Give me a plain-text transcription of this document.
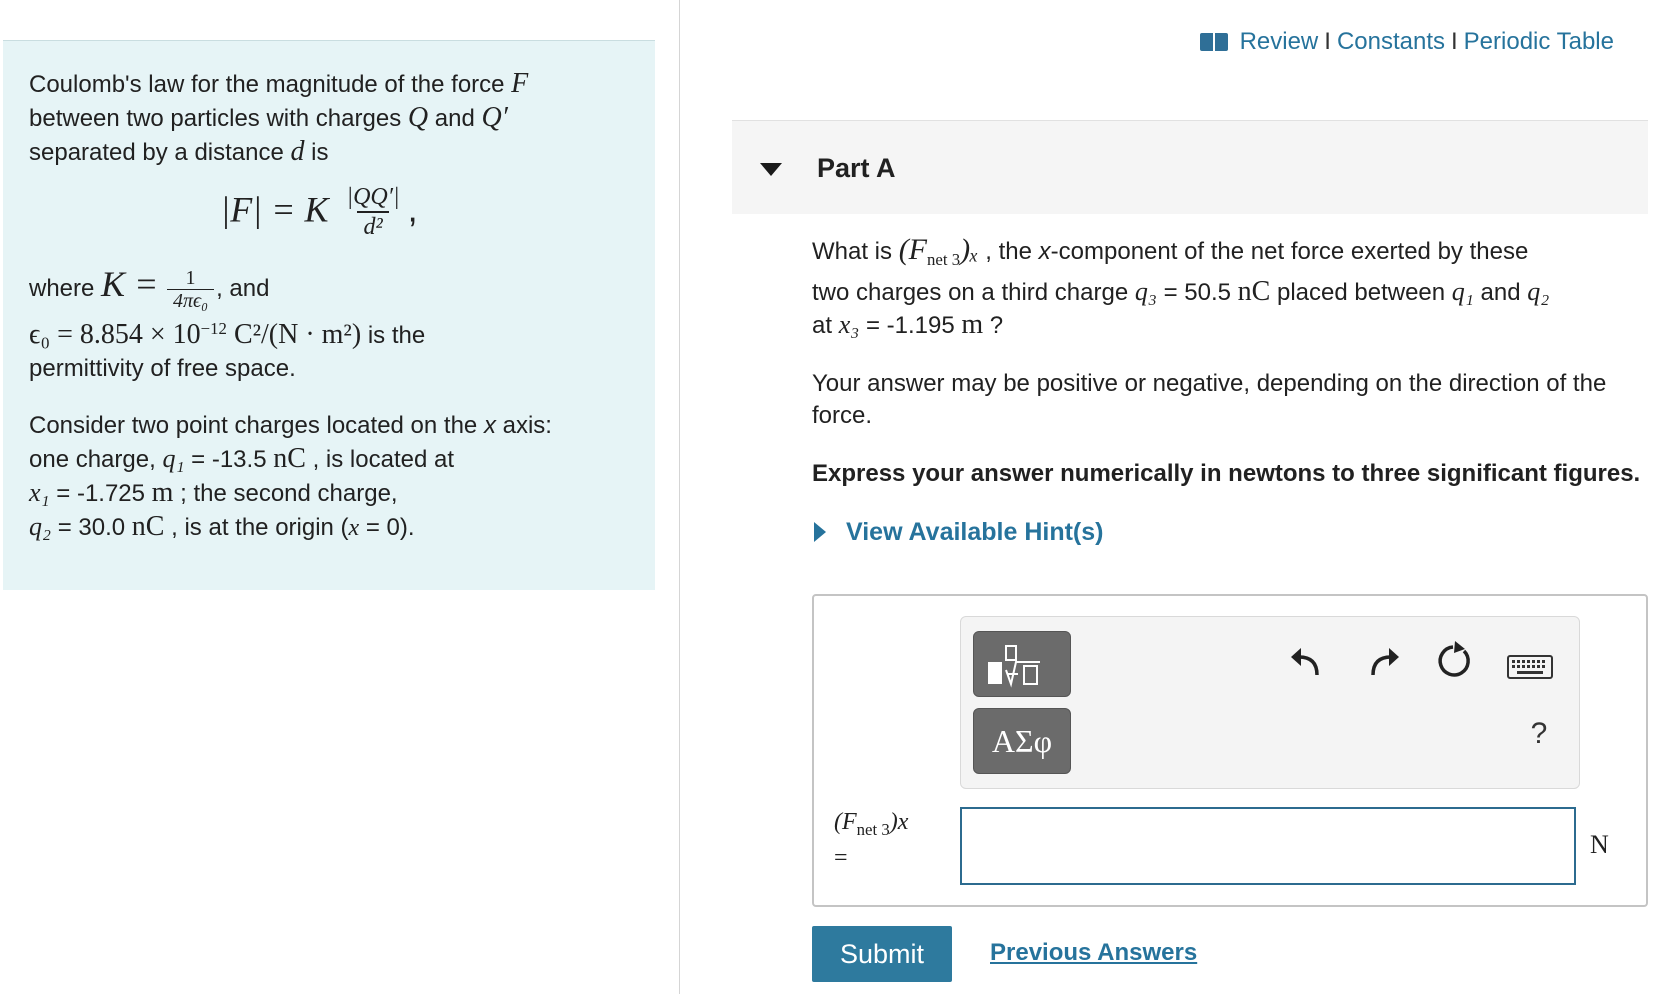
Coulomb's law for the magnitude of the force F
between two particles with charges Q and Q′
separated by a distance d is
|F| = K $\frac{|QQ'|}{\text{d²}}$ ,
where $K = \frac{1}{\text{4πϵ₀}}$ , and
$\epsilon_0 = 8.854 \times 10^{-12}$ C²/(N · m²) is the
permittivity of free space.
Consider two point charges located on the x axis:
one charge, q₁ = -13.5 nC , is located at
x₁ = -1.725 m ; the second charge,
q₂ = 30.0 nC , is at the origin (x = 0).
Review I Constants I Periodic Table
Part A

What is $(F_{net 3})_x$ , the x-component of the net force exerted by these
two charges on a third charge q₃ = 50.5 nC placed between q₁ and q₂
at x₃ = -1.195 m ?

Your answer may be positive or negative, depending on the direction of the force.

Express your answer numerically in newtons to three significant figures.

View Available Hint(s)
ΑΣφ	?
$(F_{net 3})x$
=	N
Submit	Previous Answers
